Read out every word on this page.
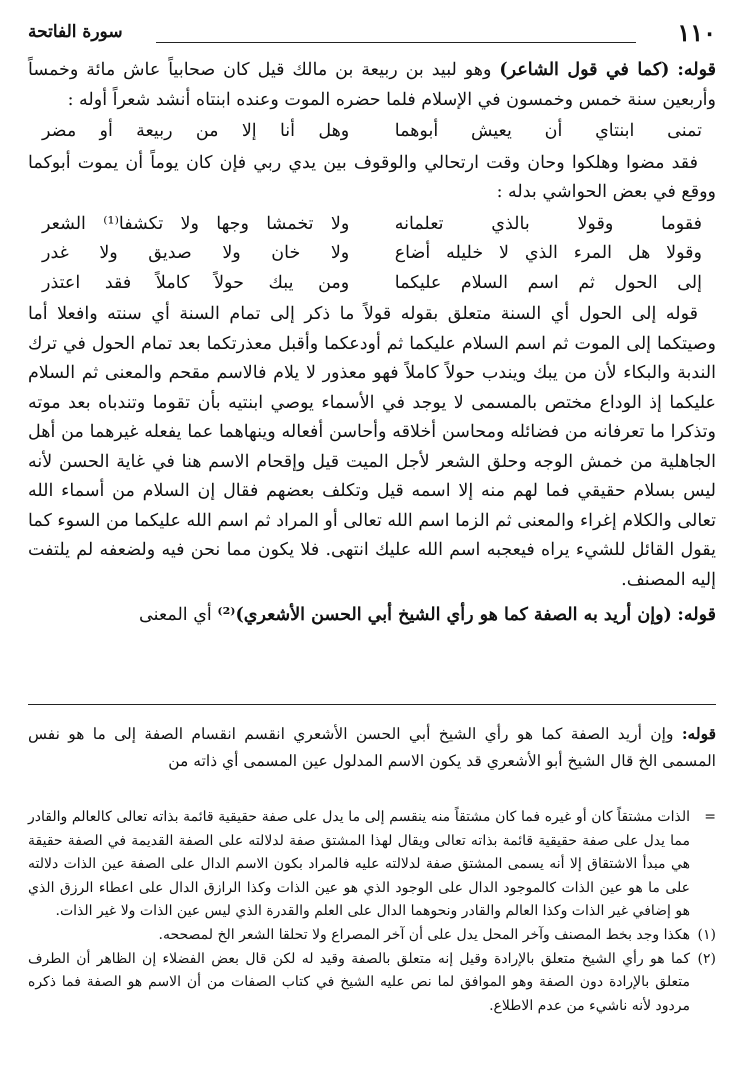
١١٠
سورة الفاتحة

قوله: (كما في قول الشاعر) وهو لبيد بن ربيعة بن مالك قيل كان صحابياً عاش مائة وخمساً وأربعين سنة خمس وخمسون في الإسلام فلما حضره الموت وعنده ابنتاه أنشد شعراً أوله :

تمنى ابنتاي أن يعيش أبوهما
وهل أنا إلا من ربيعة أو مضر

فقد مضوا وهلكوا وحان وقت ارتحالي والوقوف بين يدي ربي فإن كان يوماً أن يموت أبوكما ووقع في بعض الحواشي بدله :

فقوما وقولا بالذي تعلمانه
ولا تخمشا وجها ولا تكشفا⁽¹⁾ الشعر
وقولا هل المرء الذي لا خليله أضاع
ولا خان ولا صديق ولا غدر
إلى الحول ثم اسم السلام عليكما
ومن يبك حولاً كاملاً فقد اعتذر

قوله إلى الحول أي السنة متعلق بقوله قولاً ما ذكر إلى تمام السنة أي سنته وافعلا أما وصيتكما إلى الموت ثم اسم السلام عليكما ثم أودعكما وأقبل معذرتكما بعد تمام الحول في ترك الندبة والبكاء لأن من يبك ويندب حولاً كاملاً فهو معذور لا يلام فالاسم مقحم والمعنى ثم السلام عليكما إذ الوداع مختص بالمسمى لا يوجد في الأسماء يوصي ابنتيه بأن تقوما وتندباه بعد موته وتذكرا ما تعرفانه من فضائله ومحاسن أخلاقه وأحاسن أفعاله وينهاهما عما يفعله غيرهما من أهل الجاهلية من خمش الوجه وحلق الشعر لأجل الميت قيل وإقحام الاسم هنا في غاية الحسن لأنه ليس بسلام حقيقي فما لهم منه إلا اسمه قيل وتكلف بعضهم فقال إن السلام من أسماء الله تعالى والكلام إغراء والمعنى ثم الزما اسم الله تعالى أو المراد ثم اسم الله عليكما من السوء كما يقول القائل للشيء يراه فيعجبه اسم الله عليك انتهى. فلا يكون مما نحن فيه ولضعفه لم يلتفت إليه المصنف.

قوله: (وإن أريد به الصفة كما هو رأي الشيخ أبي الحسن الأشعري)⁽²⁾ أي المعنى

قوله: وإن أريد الصفة كما هو رأي الشيخ أبي الحسن الأشعري انقسم انقسام الصفة إلى ما هو نفس المسمى الخ قال الشيخ أبو الأشعري قد يكون الاسم المدلول عين المسمى أي ذاته من

=
الذات مشتقاً كان أو غيره فما كان مشتقاً منه ينقسم إلى ما يدل على صفة حقيقية قائمة بذاته تعالى كالعالم والقادر مما يدل على صفة حقيقية قائمة بذاته تعالى ويقال لهذا المشتق صفة لدلالته على الصفة القديمة في الصفة حقيقة هي مبدأ الاشتقاق إلا أنه يسمى المشتق صفة لدلالته عليه فالمراد بكون الاسم الدال على الصفة عين الذات دلالته على ما هو عين الذات كالموجود الدال على الوجود الذي هو عين الذات وكذا الرازق الدال على اعطاء الرزق الذي هو إضافي غير الذات وكذا العالم والقادر ونحوهما الدال على العلم والقدرة الذي ليس عين الذات ولا غير الذات.
(١)
هكذا وجد بخط المصنف وآخر المحل يدل على أن آخر المصراع ولا تحلقا الشعر الخ لمصححه.
(٢)
كما هو رأي الشيخ متعلق بالإرادة وقيل إنه متعلق بالصفة وقيد له لكن قال بعض الفضلاء إن الظاهر أن الطرف متعلق بالإرادة دون الصفة وهو الموافق لما نص عليه الشيخ في كتاب الصفات من أن الاسم هو الصفة فما ذكره مردود لأنه ناشيء من عدم الاطلاع.
